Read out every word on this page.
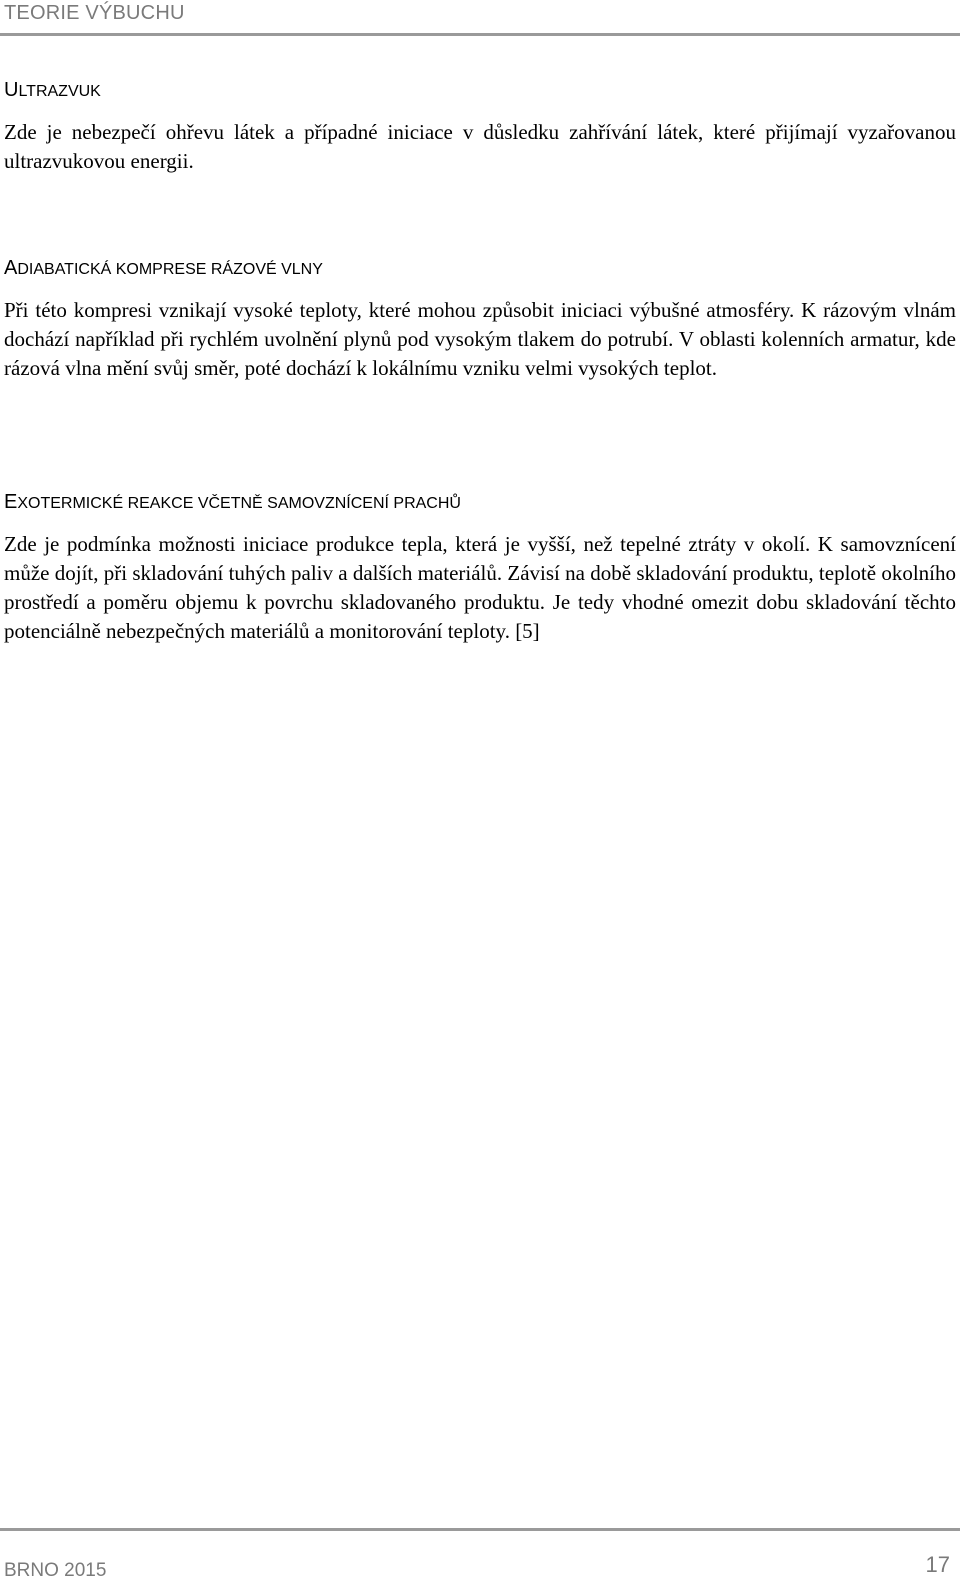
TEORIE VÝBUCHU
ULTRAZVUK

Zde je nebezpečí ohřevu látek a případné iniciace v důsledku zahřívání látek, které přijímají vyzařovanou ultrazvukovou energii.

ADIABATICKÁ KOMPRESE RÁZOVÉ VLNY

Při této kompresi vznikají vysoké teploty, které mohou způsobit iniciaci výbušné atmosféry. K rázovým vlnám dochází například při rychlém uvolnění plynů pod vysokým tlakem do potrubí. V oblasti kolenních armatur, kde rázová vlna mění svůj směr, poté dochází k lokálnímu vzniku velmi vysokých teplot.

EXOTERMICKÉ REAKCE VČETNĚ SAMOVZNÍCENÍ PRACHŮ

Zde je podmínka možnosti iniciace produkce tepla, která je vyšší, než tepelné ztráty v okolí. K samovznícení může dojít, při skladování tuhých paliv a dalších materiálů. Závisí na době skladování produktu, teplotě okolního prostředí a poměru objemu k povrchu skladovaného produktu. Je tedy vhodné omezit dobu skladování těchto potenciálně nebezpečných materiálů a monitorování teploty. [5]

BRNO 2015	17
